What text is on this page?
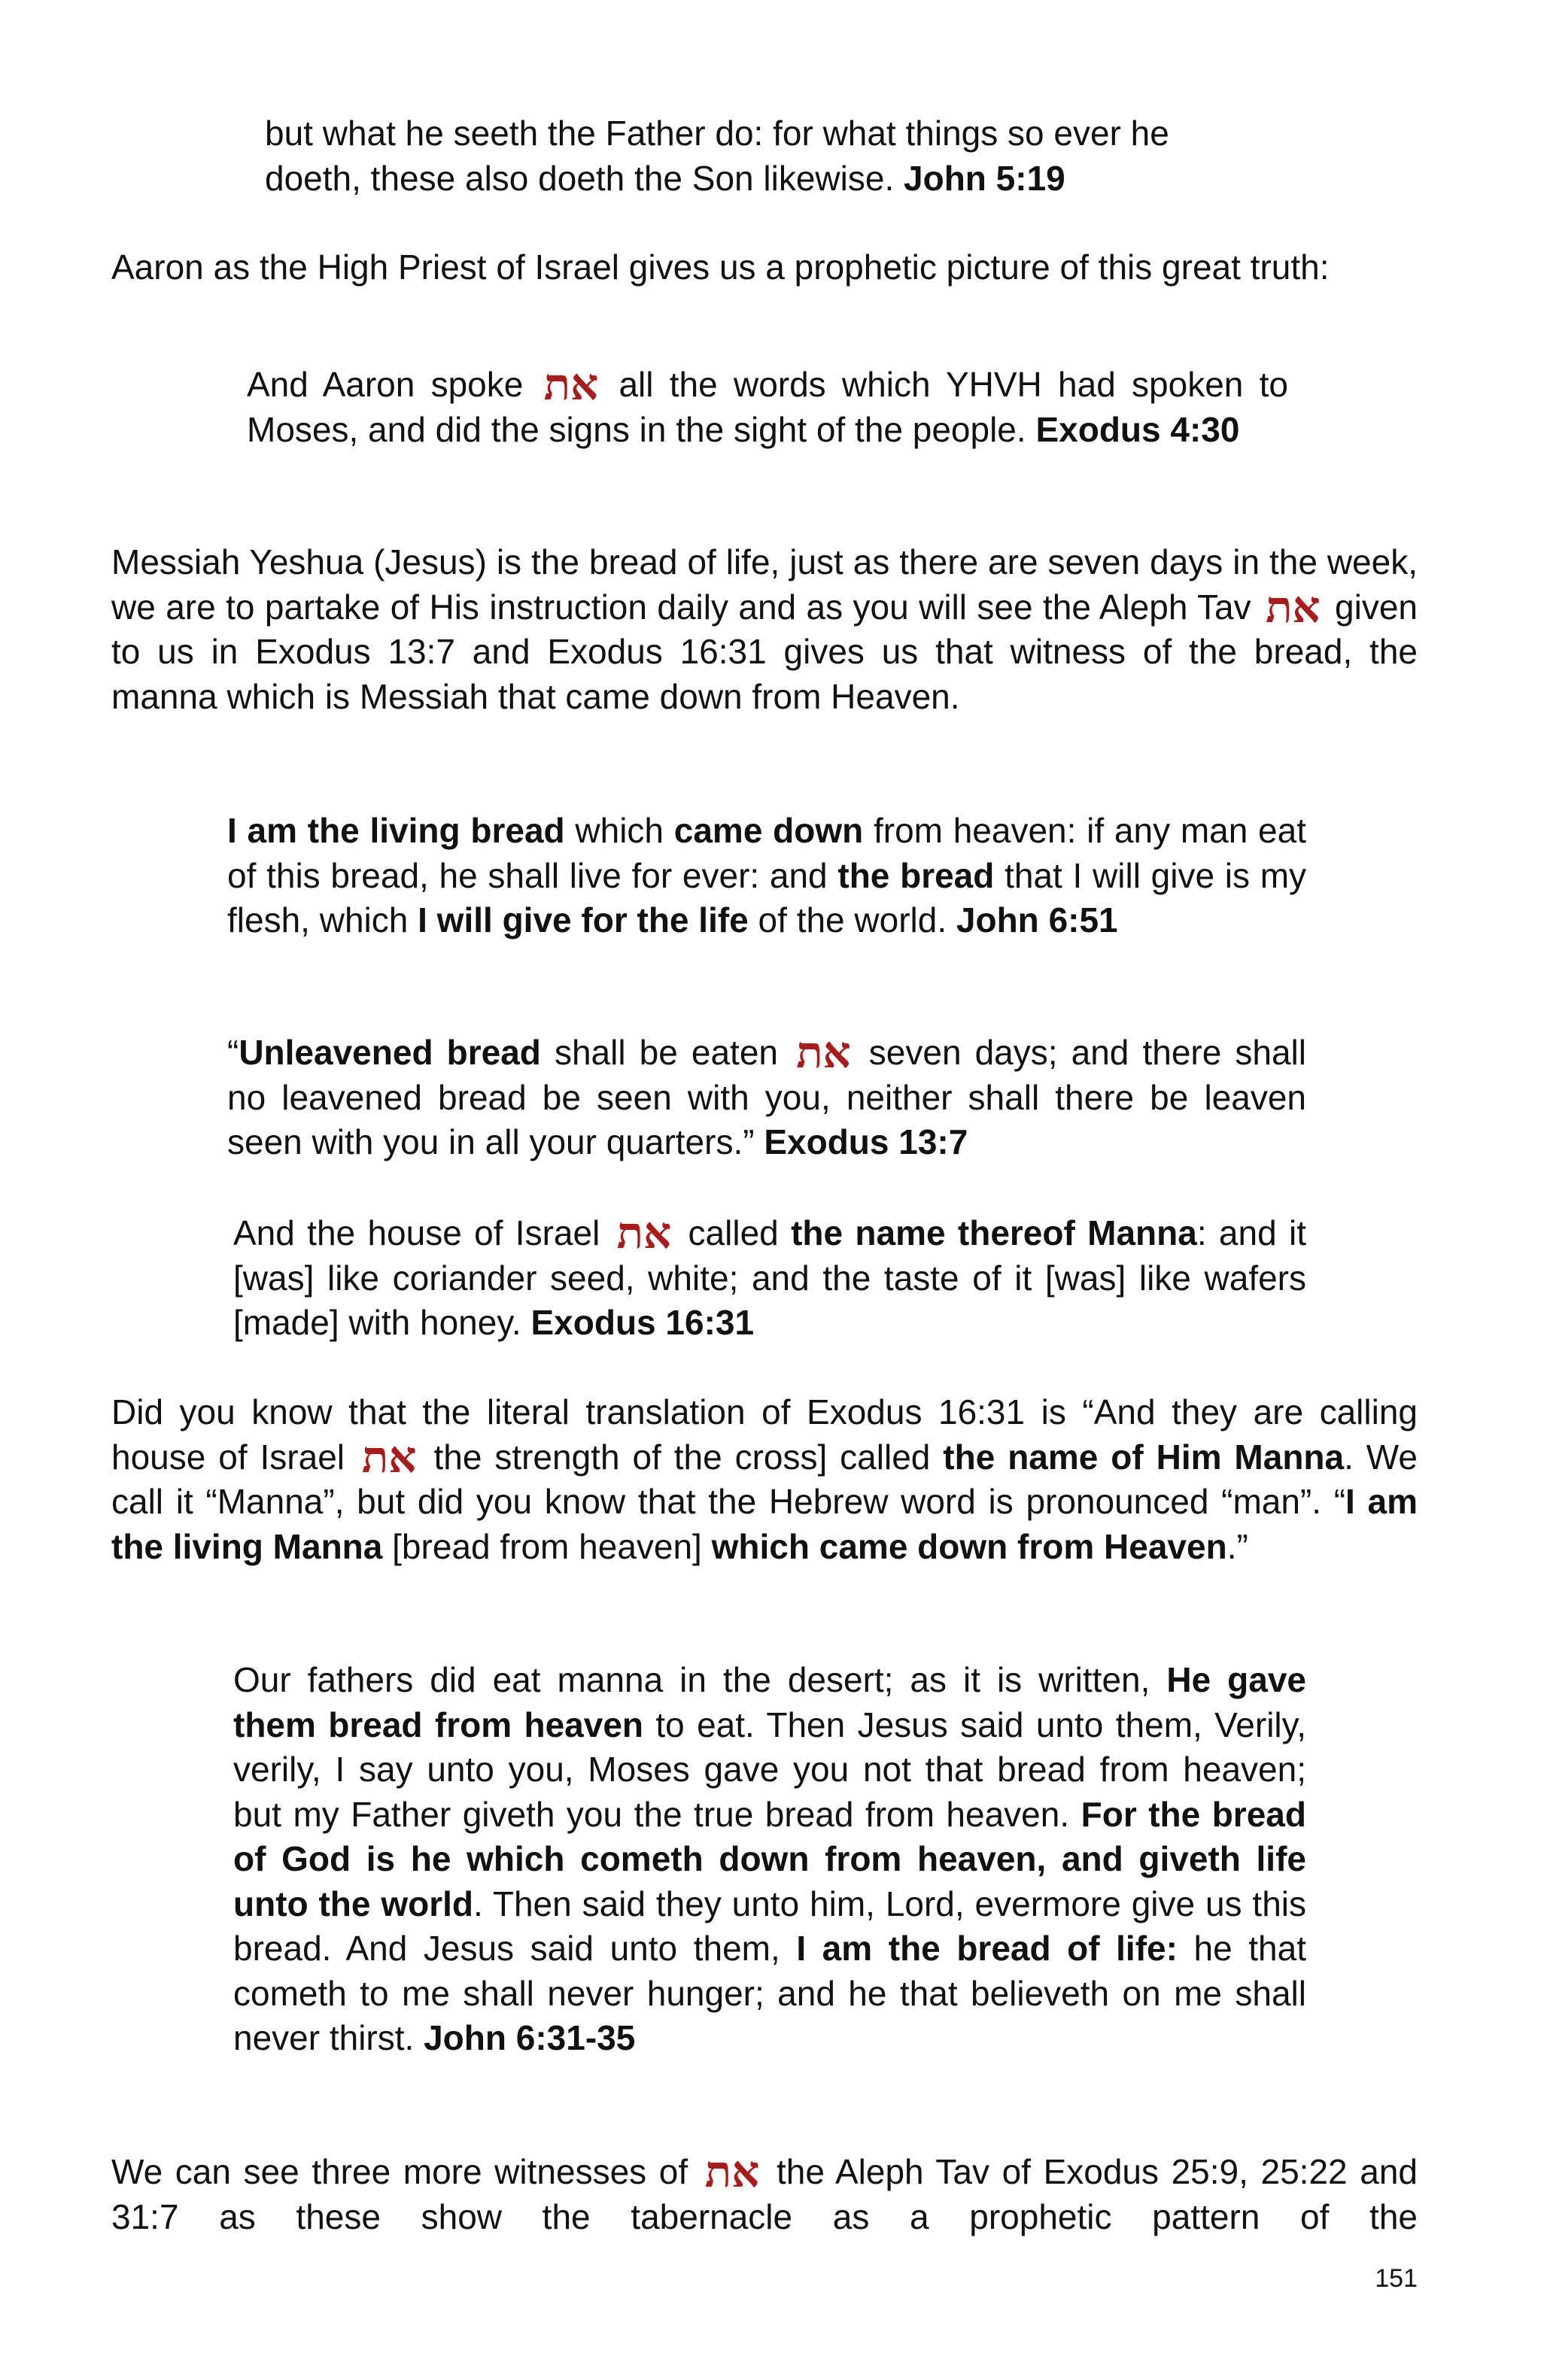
but what he seeth the Father do: for what things so ever he
doeth, these also doeth the Son likewise. John 5:19
Aaron as the High Priest of Israel gives us a prophetic picture of this great truth:
And Aaron spoke את all the words which YHVH had spoken to Moses, and did the signs in the sight of the people. Exodus 4:30
Messiah Yeshua (Jesus) is the bread of life, just as there are seven days in the week, we are to partake of His instruction daily and as you will see the Aleph Tav את given to us in Exodus 13:7 and Exodus 16:31 gives us that witness of the bread, the manna which is Messiah that came down from Heaven.
I am the living bread which came down from heaven: if any man eat of this bread, he shall live for ever: and the bread that I will give is my flesh, which I will give for the life of the world. John 6:51
“Unleavened bread shall be eaten את seven days; and there shall no leavened bread be seen with you, neither shall there be leaven seen with you in all your quarters.” Exodus 13:7
And the house of Israel את called the name thereof Manna: and it [was] like coriander seed, white; and the taste of it [was] like wafers [made] with honey. Exodus 16:31
Did you know that the literal translation of Exodus 16:31 is “And they are calling house of Israel את the strength of the cross] called the name of Him Manna. We call it “Manna”, but did you know that the Hebrew word is pronounced “man”. “I am the living Manna [bread from heaven] which came down from Heaven.”
Our fathers did eat manna in the desert; as it is written, He gave them bread from heaven to eat. Then Jesus said unto them, Verily, verily, I say unto you, Moses gave you not that bread from heaven; but my Father giveth you the true bread from heaven. For the bread of God is he which cometh down from heaven, and giveth life unto the world. Then said they unto him, Lord, evermore give us this bread. And Jesus said unto them, I am the bread of life: he that cometh to me shall never hunger; and he that believeth on me shall never thirst. John 6:31-35
We can see three more witnesses of את the Aleph Tav of Exodus 25:9, 25:22 and 31:7 as these show the tabernacle as a prophetic pattern of the
151
